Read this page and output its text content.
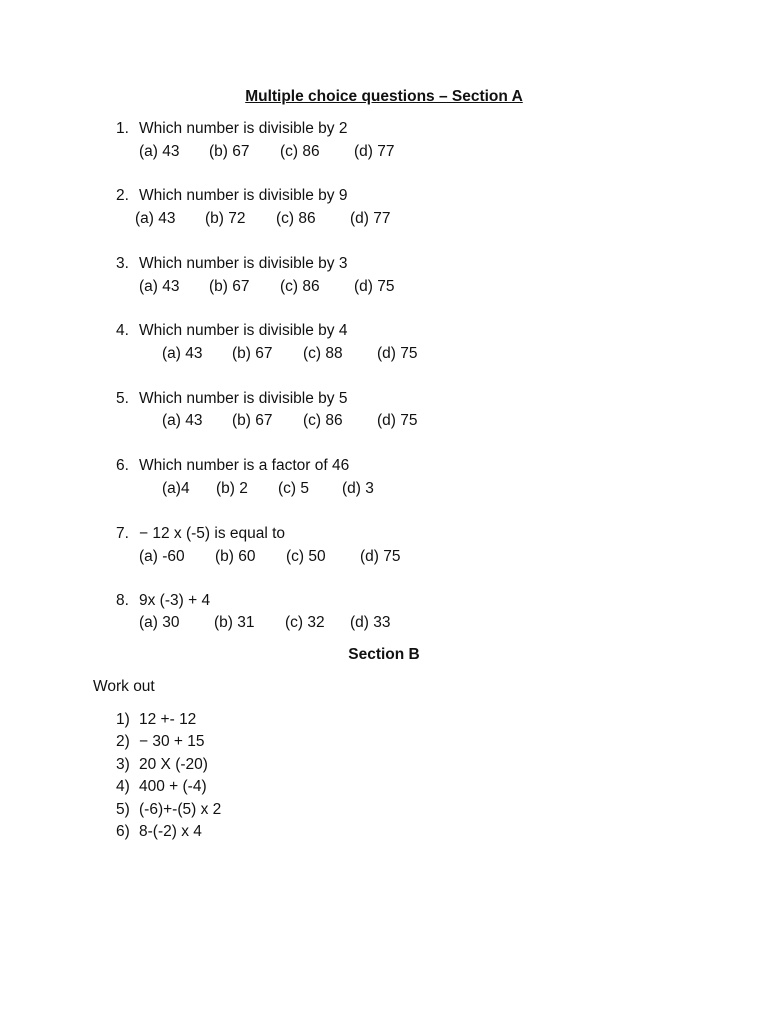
Multiple choice questions – Section A
1. Which number is divisible by 2
(a) 43 (b) 67 (c) 86 (d) 77
2. Which number is divisible by 9
(a) 43 (b) 72 (c) 86 (d) 77
3. Which number is divisible by 3
(a) 43 (b) 67 (c) 86 (d) 75
4. Which number is divisible by 4
(a) 43 (b) 67 (c) 88 (d) 75
5. Which number is divisible by 5
(a) 43 (b) 67 (c) 86 (d) 75
6. Which number is a factor of 46
(a)4 (b) 2 (c) 5 (d) 3
7. − 12 x (-5) is equal to
(a) -60 (b) 60 (c) 50 (d) 75
8. 9x (-3) + 4
(a) 30 (b) 31 (c) 32 (d) 33
Section B
Work out
1) 12 +- 12
2) − 30 + 15
3) 20 X (-20)
4) 400 + (-4)
5) (-6)+-(5) x 2
6) 8-(-2) x 4
